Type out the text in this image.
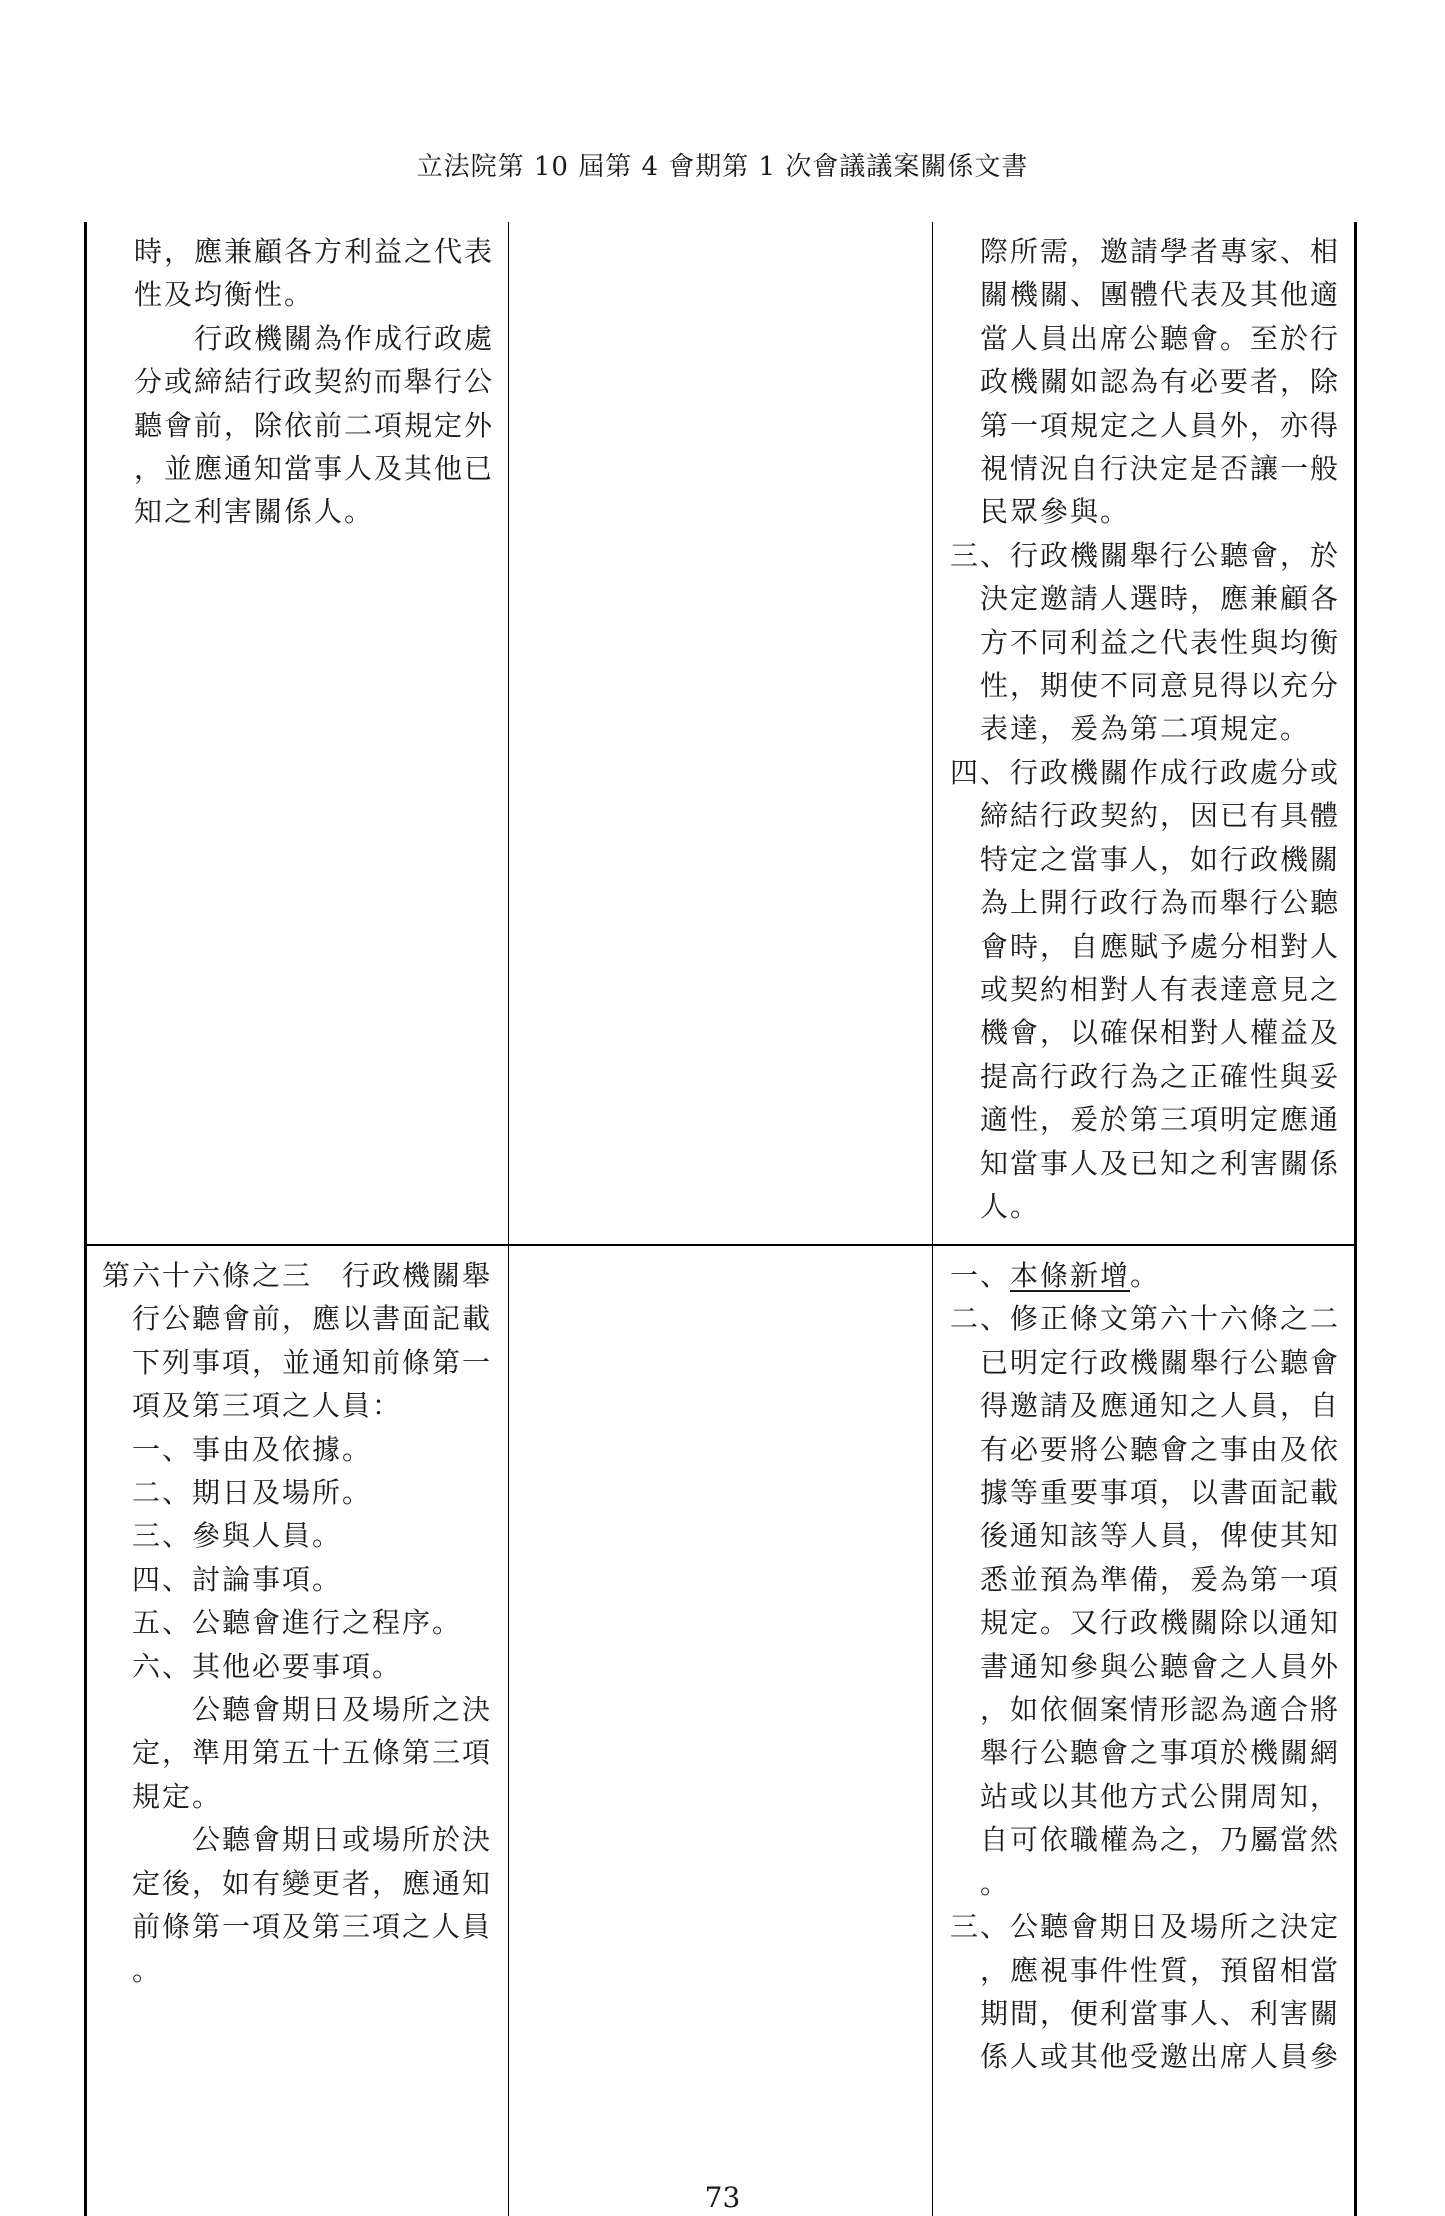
立法院第 10 屆第 4 會期第 1 次會議議案關係文書
時，應兼顧各方利益之代表
性及均衡性。
　　行政機關為作成行政處
分或締結行政契約而舉行公
聽會前，除依前二項規定外
，並應通知當事人及其他已
知之利害關係人。
　際所需，邀請學者專家、相
　關機關、團體代表及其他適
　當人員出席公聽會。至於行
　政機關如認為有必要者，除
　第一項規定之人員外，亦得
　視情況自行決定是否讓一般
　民眾參與。
三、行政機關舉行公聽會，於
　決定邀請人選時，應兼顧各
　方不同利益之代表性與均衡
　性，期使不同意見得以充分
　表達，爰為第二項規定。
四、行政機關作成行政處分或
　締結行政契約，因已有具體
　特定之當事人，如行政機關
　為上開行政行為而舉行公聽
　會時，自應賦予處分相對人
　或契約相對人有表達意見之
　機會，以確保相對人權益及
　提高行政行為之正確性與妥
　適性，爰於第三項明定應通
　知當事人及已知之利害關係
　人。
第六十六條之三　行政機關舉
　行公聽會前，應以書面記載
　下列事項，並通知前條第一
　項及第三項之人員：
　一、事由及依據。
　二、期日及場所。
　三、參與人員。
　四、討論事項。
　五、公聽會進行之程序。
　六、其他必要事項。
　　　公聽會期日及場所之決
　定，準用第五十五條第三項
　規定。
　　　公聽會期日或場所於決
　定後，如有變更者，應通知
　前條第一項及第三項之人員
　。
一、本條新增。
二、修正條文第六十六條之二
　已明定行政機關舉行公聽會
　得邀請及應通知之人員，自
　有必要將公聽會之事由及依
　據等重要事項，以書面記載
　後通知該等人員，俾使其知
　悉並預為準備，爰為第一項
　規定。又行政機關除以通知
　書通知參與公聽會之人員外
　，如依個案情形認為適合將
　舉行公聽會之事項於機關網
　站或以其他方式公開周知，
　自可依職權為之，乃屬當然
　。
三、公聽會期日及場所之決定
　，應視事件性質，預留相當
　期間，便利當事人、利害關
　係人或其他受邀出席人員參
73
